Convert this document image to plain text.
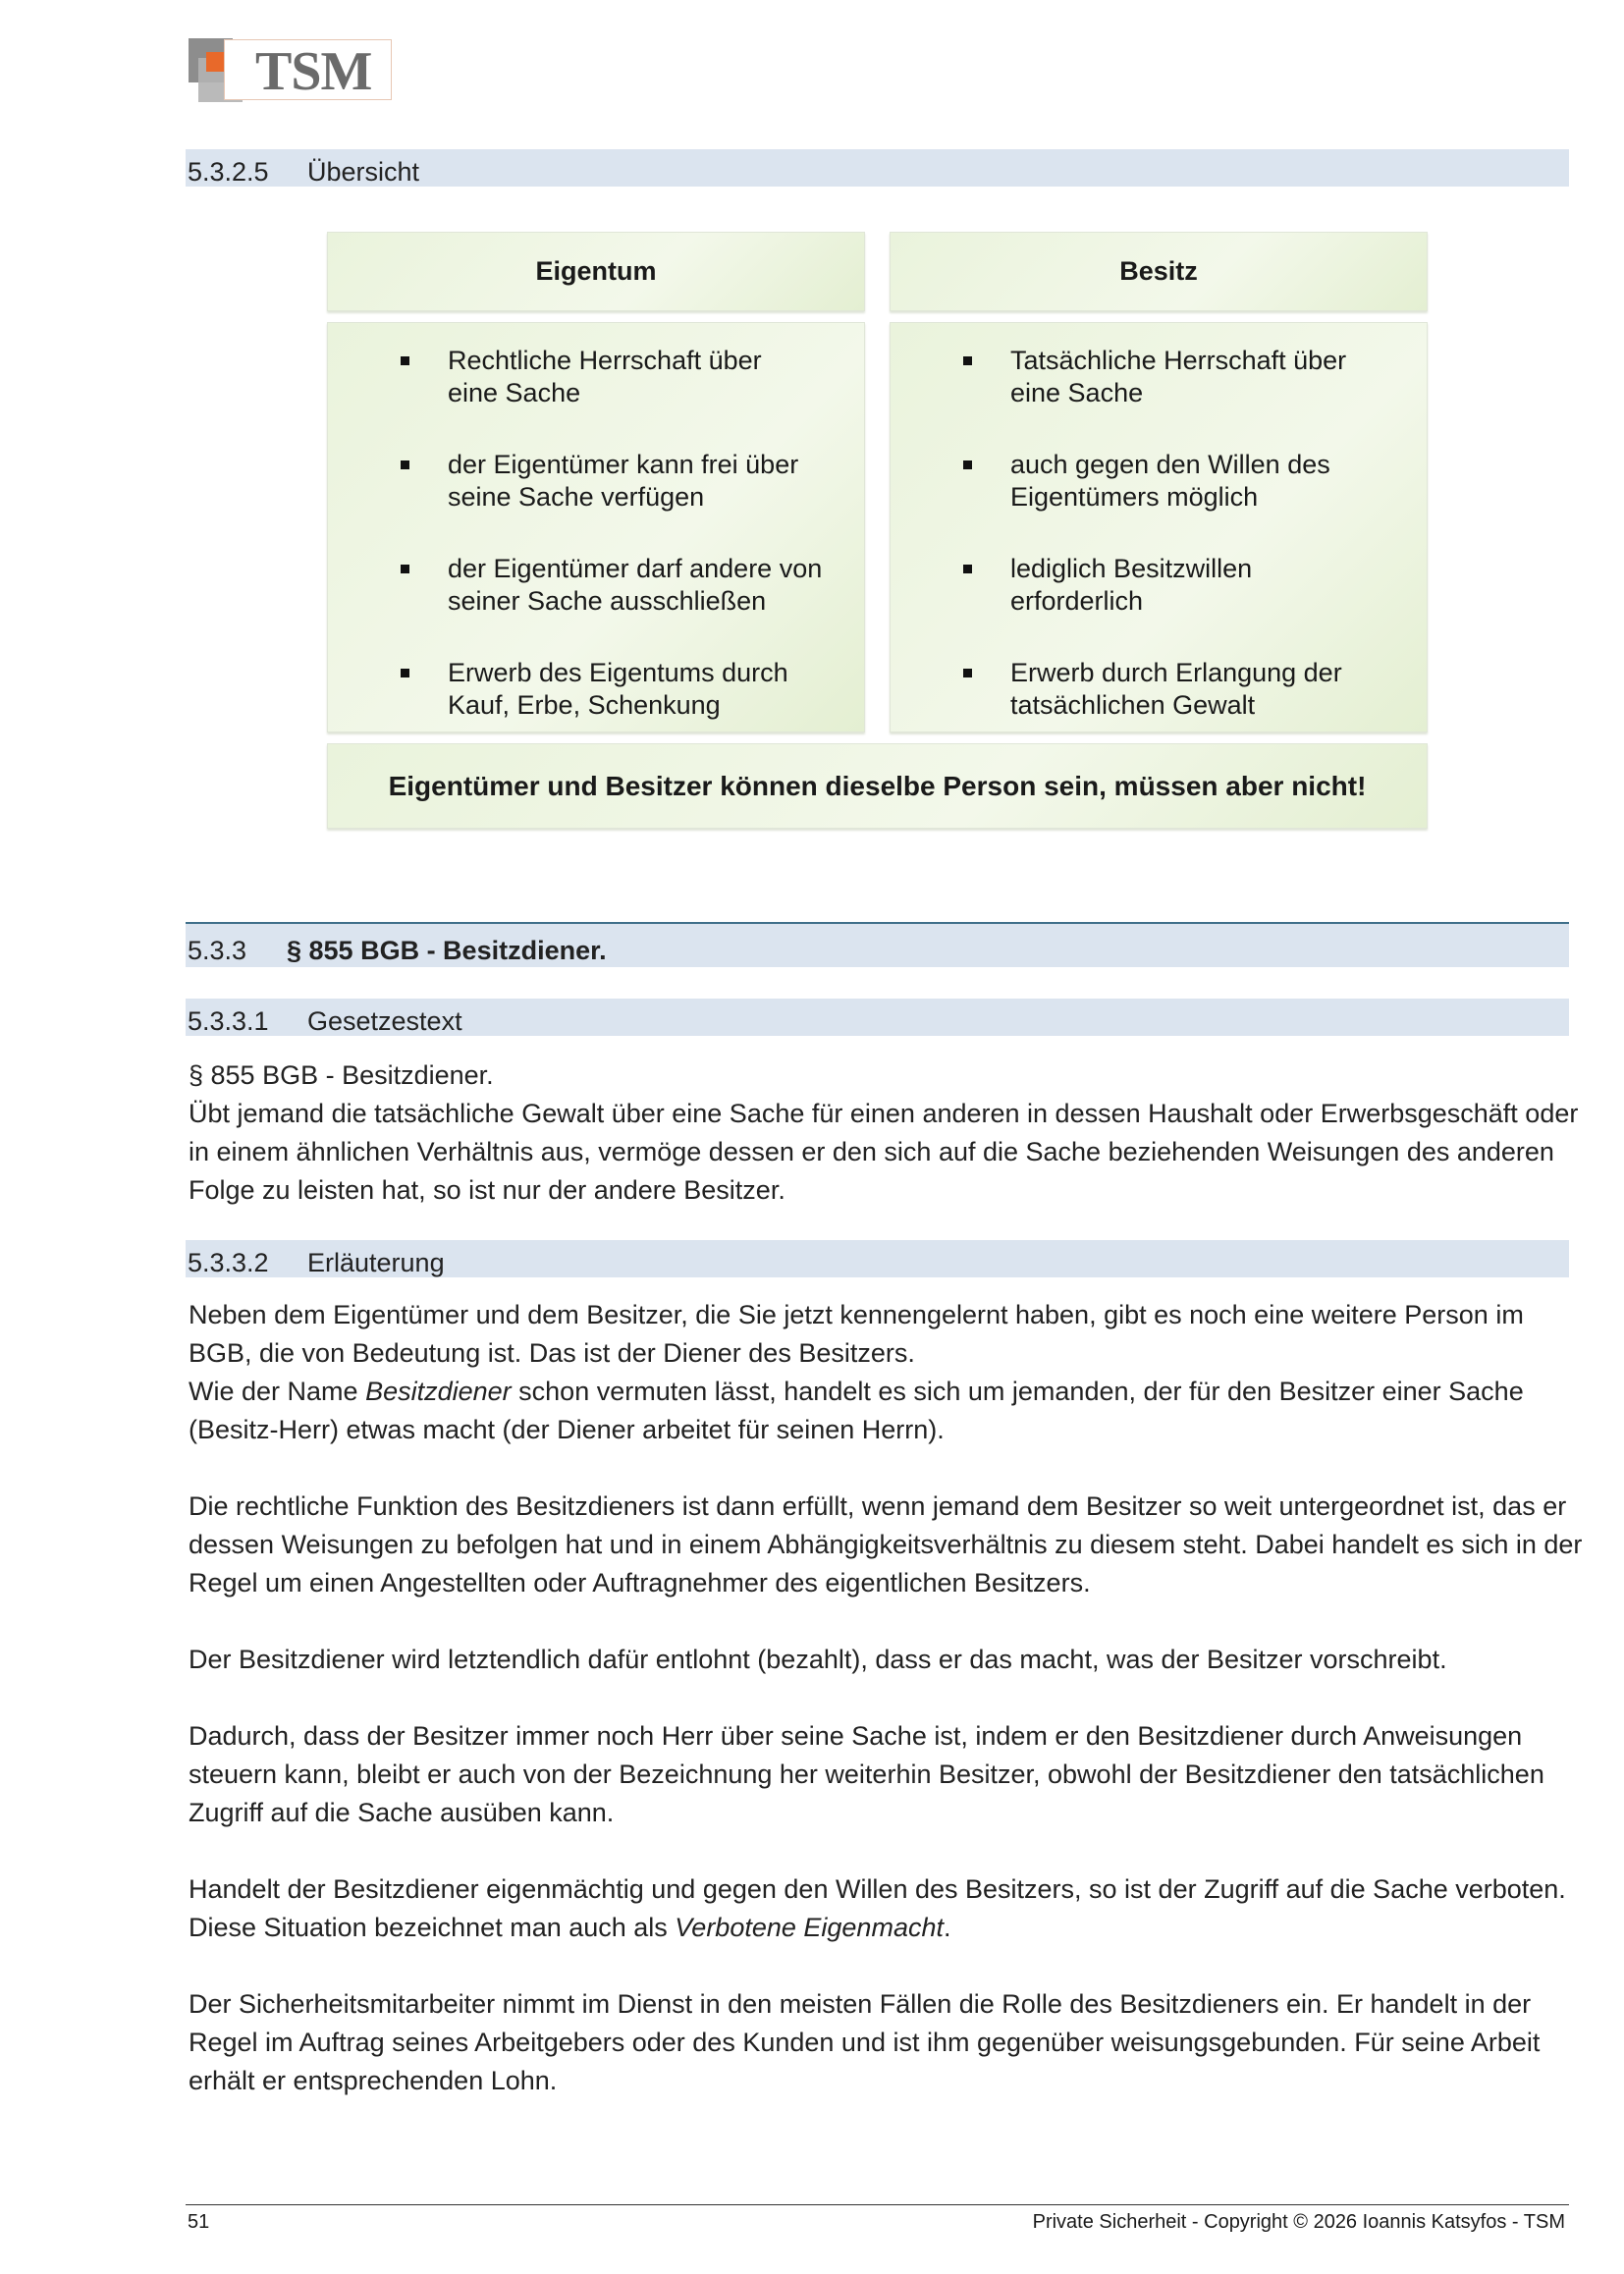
TSM
5.3.2.5 Übersicht
Eigentum	Besitz
Rechtliche Herrschaft über
eine Sache
der Eigentümer kann frei über
seine Sache verfügen
der Eigentümer darf andere von
seiner Sache ausschließen
Erwerb des Eigentums durch
Kauf, Erbe, Schenkung
Tatsächliche Herrschaft über
eine Sache
auch gegen den Willen des
Eigentümers möglich
lediglich Besitzwillen
erforderlich
Erwerb durch Erlangung der
tatsächlichen Gewalt
Eigentümer und Besitzer können dieselbe Person sein, müssen aber nicht!
5.3.3 § 855 BGB - Besitzdiener.
5.3.3.1 Gesetzestext

§ 855 BGB - Besitzdiener.

Übt jemand die tatsächliche Gewalt über eine Sache für einen anderen in dessen Haushalt oder Erwerbsgeschäft oder in einem ähnlichen Verhältnis aus, vermöge dessen er den sich auf die Sache beziehenden Weisungen des anderen Folge zu leisten hat, so ist nur der andere Besitzer.

5.3.3.2 Erläuterung

Neben dem Eigentümer und dem Besitzer, die Sie jetzt kennengelernt haben, gibt es noch eine weitere Person im BGB, die von Bedeutung ist. Das ist der Diener des Besitzers.

Wie der Name Besitzdiener schon vermuten lässt, handelt es sich um jemanden, der für den Besitzer einer Sache (Besitz-Herr) etwas macht (der Diener arbeitet für seinen Herrn).

Die rechtliche Funktion des Besitzdieners ist dann erfüllt, wenn jemand dem Besitzer so weit untergeordnet ist, das er dessen Weisungen zu befolgen hat und in einem Abhängigkeitsverhältnis zu diesem steht. Dabei handelt es sich in der Regel um einen Angestellten oder Auftragnehmer des eigentlichen Besitzers.

Der Besitzdiener wird letztendlich dafür entlohnt (bezahlt), dass er das macht, was der Besitzer vorschreibt.

Dadurch, dass der Besitzer immer noch Herr über seine Sache ist, indem er den Besitzdiener durch Anweisungen steuern kann, bleibt er auch von der Bezeichnung her weiterhin Besitzer, obwohl der Besitzdiener den tatsächlichen Zugriff auf die Sache ausüben kann.

Handelt der Besitzdiener eigenmächtig und gegen den Willen des Besitzers, so ist der Zugriff auf die Sache verboten. Diese Situation bezeichnet man auch als Verbotene Eigenmacht.

Der Sicherheitsmitarbeiter nimmt im Dienst in den meisten Fällen die Rolle des Besitzdieners ein. Er handelt in der Regel im Auftrag seines Arbeitgebers oder des Kunden und ist ihm gegenüber weisungsgebunden. Für seine Arbeit erhält er entsprechenden Lohn.

51	Private Sicherheit - Copyright © 2026 Ioannis Katsyfos - TSM
